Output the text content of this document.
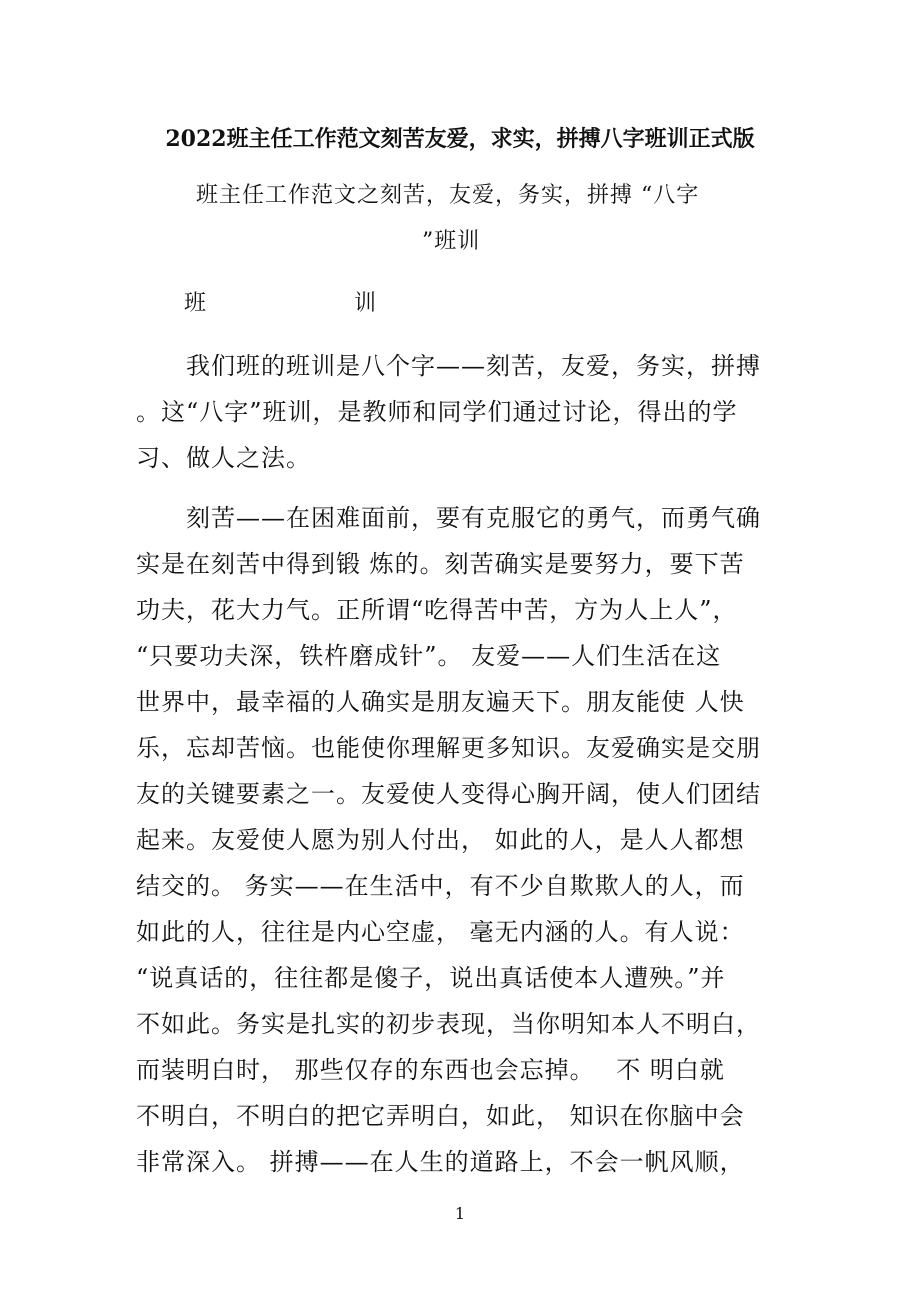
2022班主任工作范文刻苦友爱，求实，拼搏八字班训正式版
班主任工作范文之刻苦，友爱，务实，拼搏 “八字
”班训
班	训
　　我们班的班训是八个字——刻苦，友爱，务实，拼搏
。这“八字”班训，是教师和同学们通过讨论，得出的学
习、做人之法。
　　刻苦——在困难面前，要有克服它的勇气，而勇气确
实是在刻苦中得到锻 炼的。刻苦确实是要努力，要下苦
功夫，花大力气。正所谓“吃得苦中苦，方为人上人”，
“只要功夫深，铁杵磨成针”。 友爱——人们生活在这
世界中，最幸福的人确实是朋友遍天下。朋友能使 人快
乐，忘却苦恼。也能使你理解更多知识。友爱确实是交朋
友的关键要素之一。友爱使人变得心胸开阔，使人们团结
起来。友爱使人愿为别人付出， 如此的人，是人人都想
结交的。 务实——在生活中，有不少自欺欺人的人，而
如此的人，往往是内心空虚， 毫无内涵的人。有人说：
“说真话的，往往都是傻子，说出真话使本人遭殃。”并
不如此。务实是扎实的初步表现，当你明知本人不明白，
而装明白时， 那些仅存的东西也会忘掉。　 不 明白就
不明白，不明白的把它弄明白，如此， 知识在你脑中会
非常深入。 拼搏——在人生的道路上，不会一帆风顺，
1
